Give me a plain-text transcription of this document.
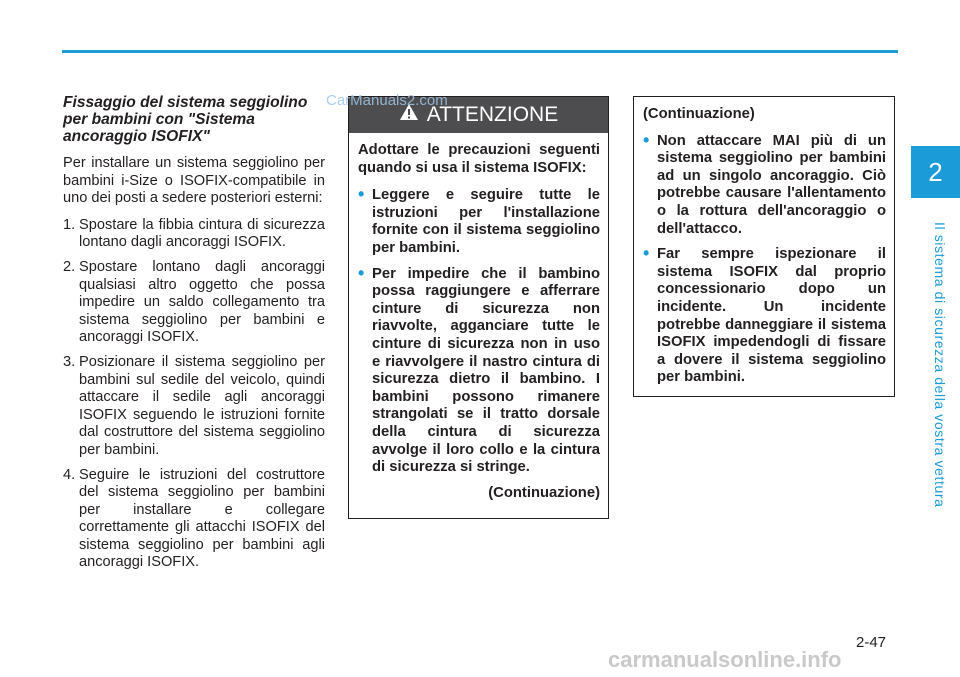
2
Il sistema di sicurezza della vostra vettura

Fissaggio del sistema seggiolino per bambini con "Sistema ancoraggio ISOFIX"

Per installare un sistema seggiolino per bambini i-Size o ISOFIX-compatibile in uno dei posti a sedere posteriori esterni:

1. Spostare la fibbia cintura di sicurezza lontano dagli ancoraggi ISOFIX.
2. Spostare lontano dagli ancoraggi qualsiasi altro oggetto che possa impedire un saldo collegamento tra sistema seggiolino per bambini e ancoraggi ISOFIX.
3. Posizionare il sistema seggiolino per bambini sul sedile del veicolo, quindi attaccare il sedile agli ancoraggi ISOFIX seguendo le istruzioni fornite dal costruttore del sistema seggiolino per bambini.
4. Seguire le istruzioni del costruttore del sistema seggiolino per bambini per installare e collegare correttamente gli attacchi ISOFIX del sistema seggiolino per bambini agli ancoraggi ISOFIX.
ATTENZIONE

Adottare le precauzioni seguenti quando si usa il sistema ISOFIX:

• Leggere e seguire tutte le istruzioni per l'installazione fornite con il sistema seggiolino per bambini.
• Per impedire che il bambino possa raggiungere e afferrare cinture di sicurezza non riavvolte, agganciare tutte le cinture di sicurezza non in uso e riavvolgere il nastro cintura di sicurezza dietro il bambino. I bambini possono rimanere strangolati se il tratto dorsale della cintura di sicurezza avvolge il loro collo e la cintura di sicurezza si stringe.
(Continuazione)

(Continuazione)

• Non attaccare MAI più di un sistema seggiolino per bambini ad un singolo ancoraggio. Ciò potrebbe causare l'allentamento o la rottura dell'ancoraggio o dell'attacco.
• Far sempre ispezionare il sistema ISOFIX dal proprio concessionario dopo un incidente. Un incidente potrebbe danneggiare il sistema ISOFIX impedendogli di fissare a dovere il sistema seggiolino per bambini.
CarManuals2.com
2-47
carmanualsonline.info
